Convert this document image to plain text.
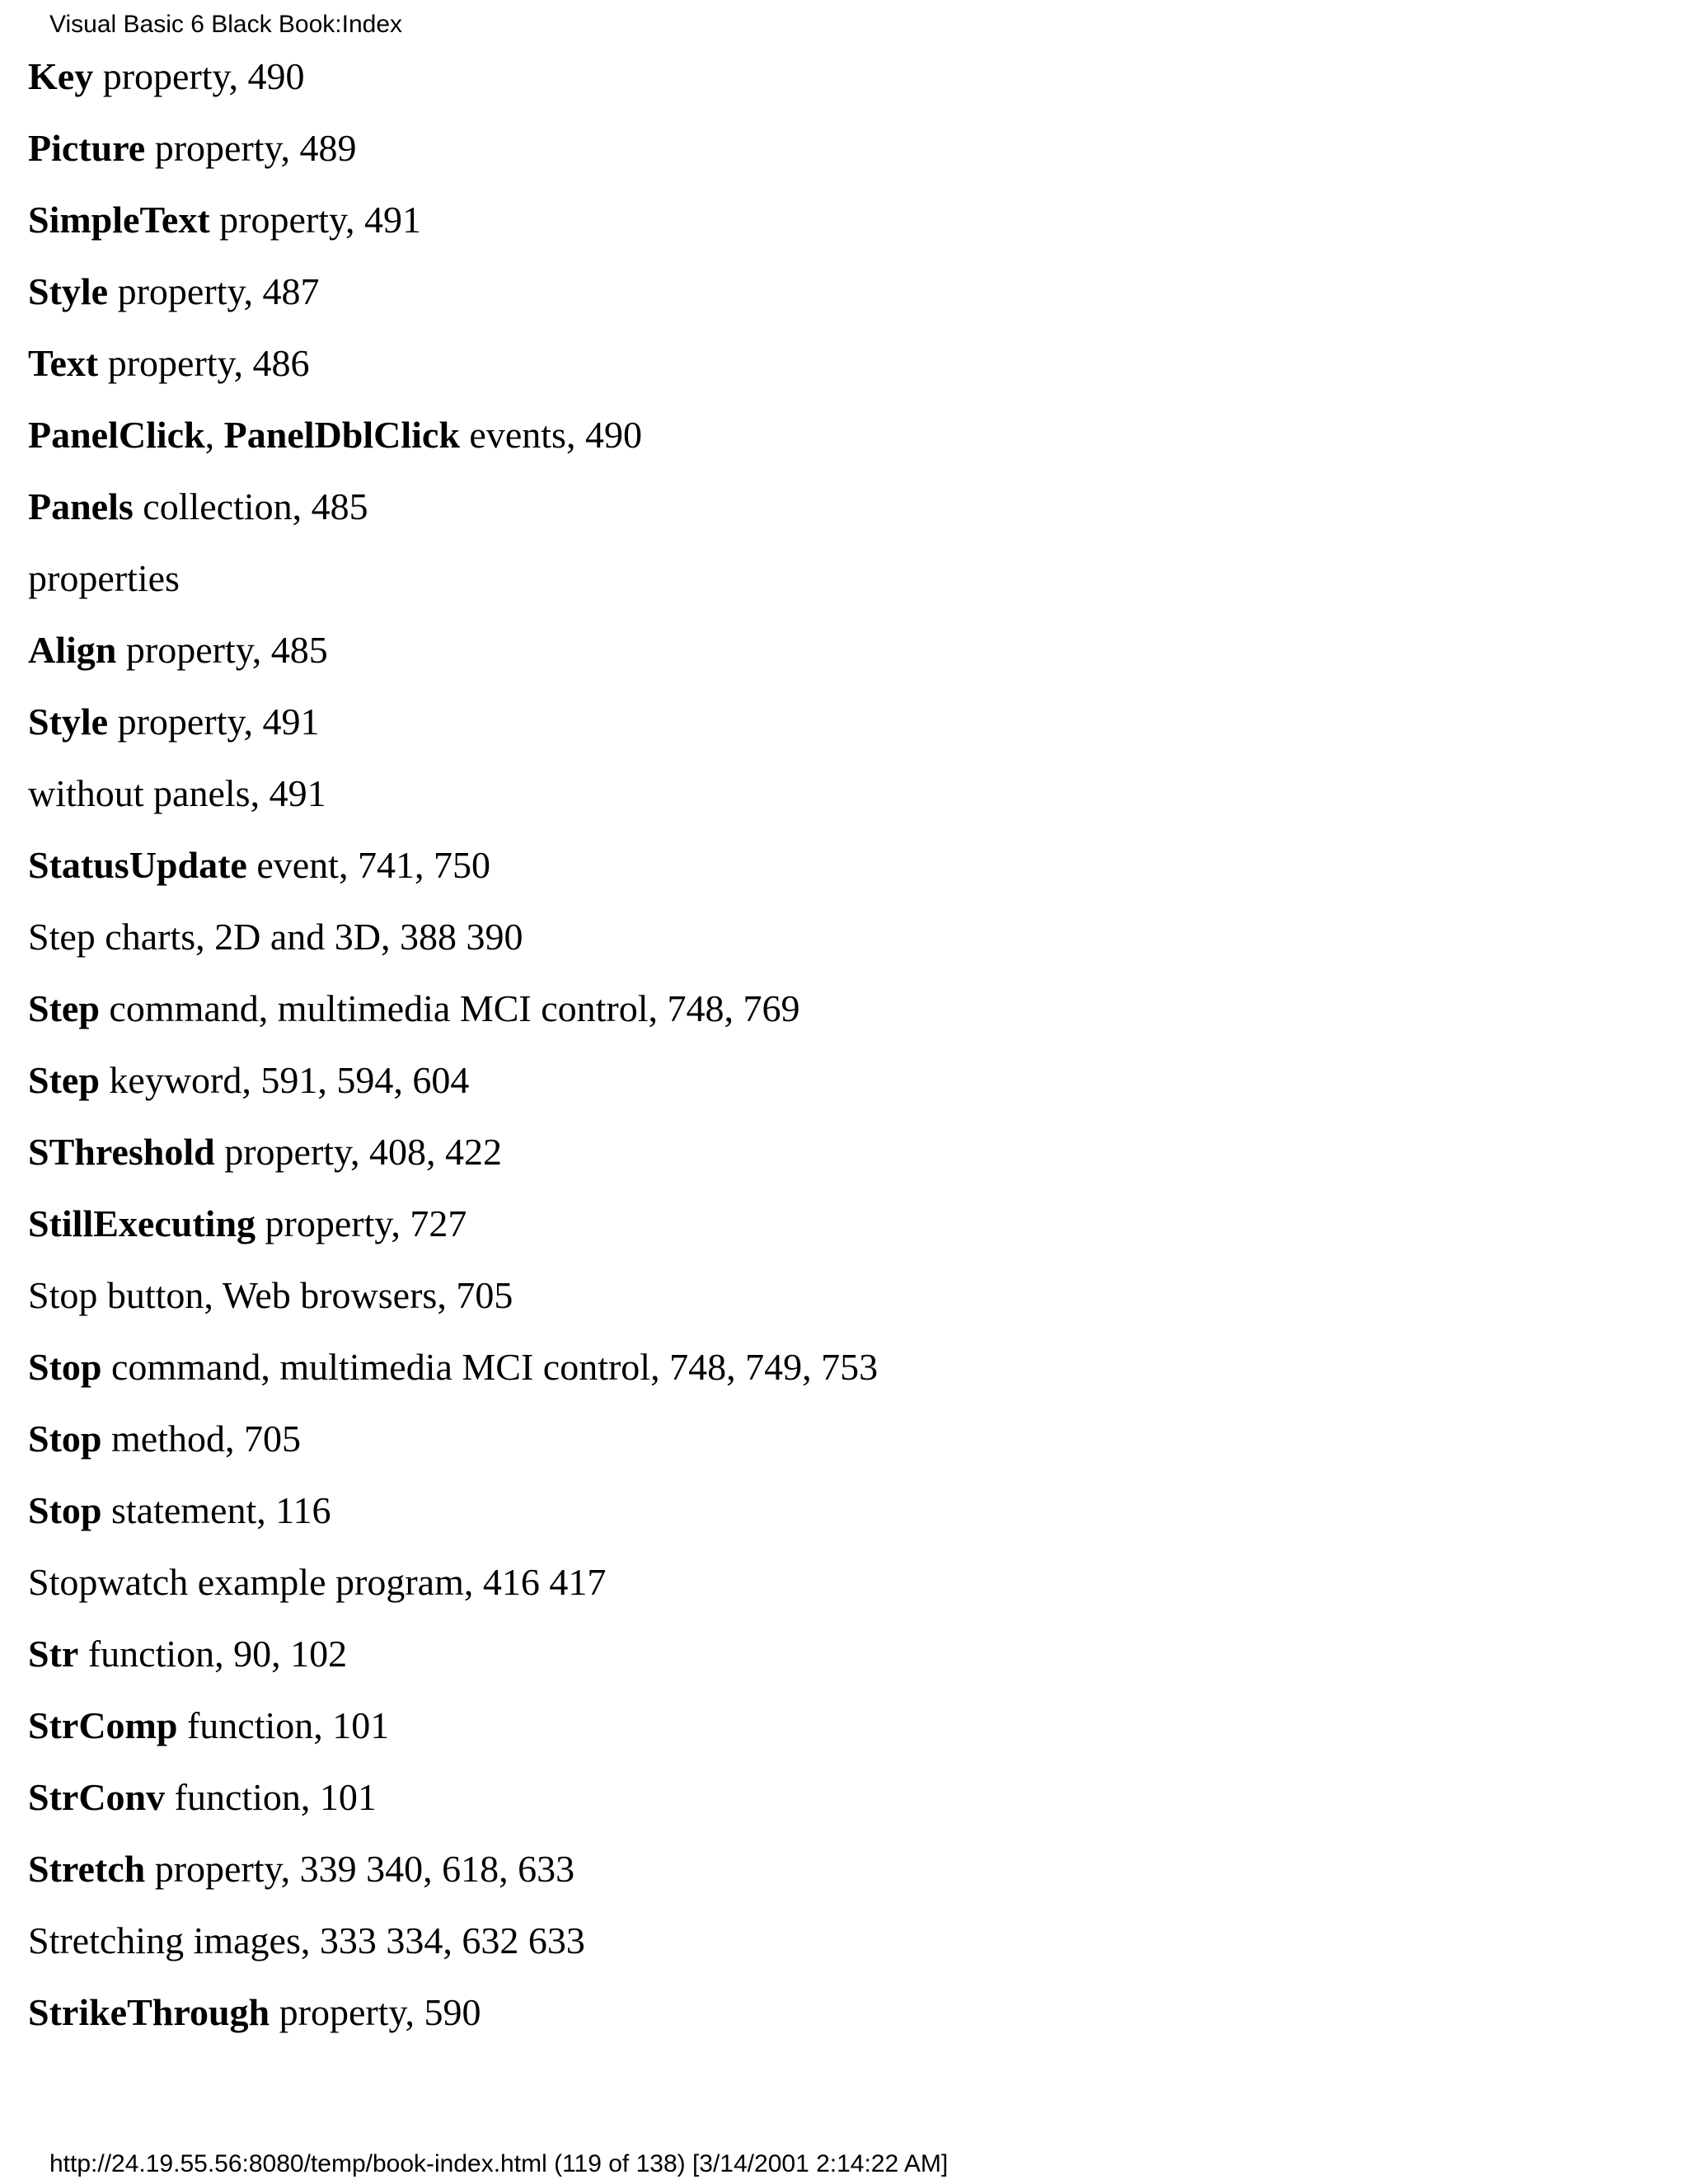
Visual Basic 6 Black Book:Index
Key property, 490
Picture property, 489
SimpleText property, 491
Style property, 487
Text property, 486
PanelClick, PanelDblClick events, 490
Panels collection, 485
properties
Align property, 485
Style property, 491
without panels, 491
StatusUpdate event, 741, 750
Step charts, 2D and 3D, 388 390
Step command, multimedia MCI control, 748, 769
Step keyword, 591, 594, 604
SThreshold property, 408, 422
StillExecuting property, 727
Stop button, Web browsers, 705
Stop command, multimedia MCI control, 748, 749, 753
Stop method, 705
Stop statement, 116
Stopwatch example program, 416 417
Str function, 90, 102
StrComp function, 101
StrConv function, 101
Stretch property, 339 340, 618, 633
Stretching images, 333 334, 632 633
StrikeThrough property, 590
http://24.19.55.56:8080/temp/book-index.html (119 of 138) [3/14/2001 2:14:22 AM]
